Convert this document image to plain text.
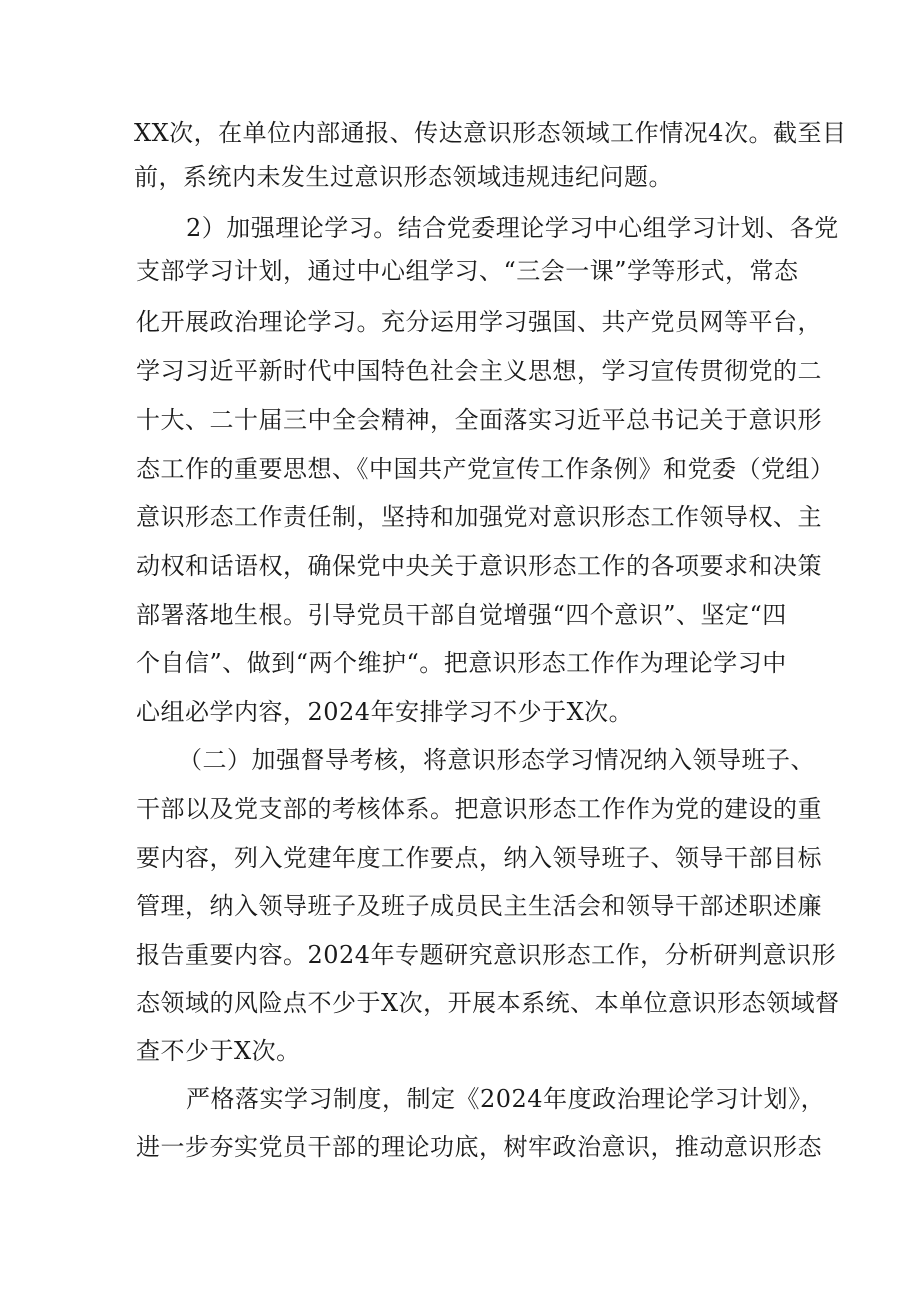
XX次，在单位内部通报、传达意识形态领域工作情况4次。截至目

前，系统内未发生过意识形态领域违规违纪问题。

2）加强理论学习。结合党委理论学习中心组学习计划、各党

支部学习计划，通过中心组学习、“三会一课”学等形式，常态

化开展政治理论学习。充分运用学习强国、共产党员网等平台，

学习习近平新时代中国特色社会主义思想，学习宣传贯彻党的二

十大、二十届三中全会精神，全面落实习近平总书记关于意识形

态工作的重要思想、《中国共产党宣传工作条例》和党委（党组）

意识形态工作责任制，坚持和加强党对意识形态工作领导权、主

动权和话语权，确保党中央关于意识形态工作的各项要求和决策

部署落地生根。引导党员干部自觉增强“四个意识”、坚定“四

个自信”、做到“两个维护“。把意识形态工作作为理论学习中

心组必学内容，2024年安排学习不少于X次。

（二）加强督导考核，将意识形态学习情况纳入领导班子、

干部以及党支部的考核体系。把意识形态工作作为党的建设的重

要内容，列入党建年度工作要点，纳入领导班子、领导干部目标

管理，纳入领导班子及班子成员民主生活会和领导干部述职述廉

报告重要内容。2024年专题研究意识形态工作，分析研判意识形

态领域的风险点不少于X次，开展本系统、本单位意识形态领域督

查不少于X次。

严格落实学习制度，制定《2024年度政治理论学习计划》，

进一步夯实党员干部的理论功底，树牢政治意识，推动意识形态
